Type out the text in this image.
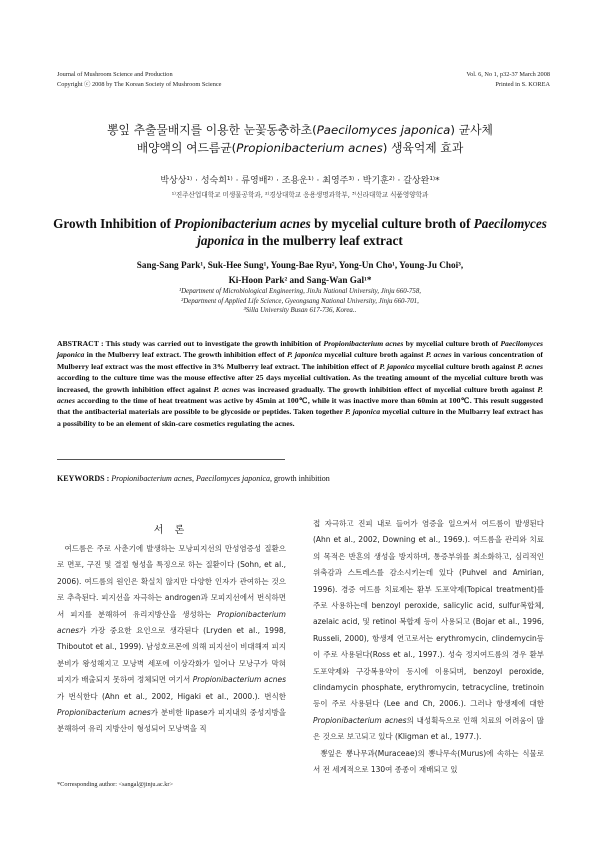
Journal of Mushroom Science and Production
Copyright ⓒ 2008 by The Korean Society of Mushroom Science
Vol. 6, No 1, p32-37 March 2008
Printed in S. KOREA
뽕잎 추출물배지를 이용한 눈꽃동충하초(Paecilomyces japonica) 균사체
배양액의 여드름균(Propionibacterium acnes) 생육억제 효과
박상상¹⁾ · 성숙희¹⁾ · 류영배²⁾ · 조용운¹⁾ · 최영주³⁾ · 박기훈²⁾ · 갈상완¹⁾*
¹⁾진주산업대학교 미생물공학과, ²⁾경상대학교 응용생명과학부, ³⁾신라대학교 식품영양학과
Growth Inhibition of Propionibacterium acnes by mycelial culture broth of Paecilomyces japonica in the mulberry leaf extract
Sang-Sang Park¹, Suk-Hee Sung¹, Young-Bae Ryu², Yong-Un Cho¹, Young-Ju Choi³,
Ki-Hoon Park² and Sang-Wan Gal¹*
¹Department of Microbiological Engineering, JinJu National University, Jinju 660-758,
²Department of Applied Life Science, Gyeongsang National University, Jinju 660-701,
³Silla University Busan 617-736, Korea..
ABSTRACT : This study was carried out to investigate the growth inhibition of Propionibacterium acnes by mycelial culture broth of Paecilomyces japonica in the Mulberry leaf extract. The growth inhibition effect of P. japonica mycelial culture broth against P. acnes in various concentration of Mulberry leaf extract was the most effective in 3% Mulberry leaf extract. The inhibition effect of P. japonica mycelial culture broth against P. acnes according to the culture time was the mouse effective after 25 days mycelial cultivation. As the treating amount of the mycelial culture broth was increased, the growth inhibition effect against P. acnes was increased gradually. The growth inhibition effect of mycelial culture broth against P. acnes according to the time of heat treatment was active by 45min at 100℃, while it was inactive more than 60min at 100℃. This result suggested that the antibacterial materials are possible to be glycoside or peptides. Taken together P. japonica mycelial culture in the Mulbarry leaf extract has a possibility to be an element of skin-care cosmetics regulating the acnes.
KEYWORDS : Propionibacterium acnes, Paecilomyces japonica, growth inhibition
서 론
 여드름은 주로 사춘기에 발생하는 모낭피지선의 만성염증성 질환으로 면포, 구진 및 결절 형성을 특징으로 하는 질환이다 (Sohn, et al., 2006). 여드름의 원인은 확실치 않지만 다양한 인자가 관여하는 것으로 추측된다. 피지선을 자극하는 androgen과 모피지선에서 번식하면서 피지를 분해하여 유리지방산을 생성하는 Propionibacterium acnes가 가장 중요한 요인으로 생각된다 (Lryden et al., 1998, Thiboutot et al., 1999). 남성호르몬에 의해 피지선이 비대해져 피지분비가 왕성해지고 모낭벽 세포에 이상각화가 일어나 모낭구가 막혀 피지가 배출되지 못하여 정체되면 여기서 Propionibacterium acnes가 번식한다 (Ahn et al., 2002, Higaki et al., 2000.). 번식한 Propionibacterium acnes가 분비한 lipase가 피지내의 중성지방을 분해하여 유리 지방산이 형성되어 모낭벽을 직
접 자극하고 진피 내로 들어가 염증을 일으켜서 여드름이 발생된다 (Ahn et al., 2002, Downing et al., 1969.). 여드름을 관리와 치료의 목적은 반흔의 생성을 방지하며, 통증부위를 최소화하고, 심리적인 위축감과 스트레스를 감소시키는데 있다 (Puhvel and Amirian, 1996). 경증 여드름 치료제는 환부 도포약제(Topical treatment)를 주로 사용하는데 benzoyl peroxide, salicylic acid, sulfur복합체, azelaic acid, 및 retinol 복합제 등이 사용되고 (Bojar et al., 1996, Russeli, 2000), 항생제 연고로서는 erythromycin, clindemycin등이 주로 사용된다(Ross et al., 1997.). 성숙 정지여드름의 경우 환부 도포약제와 구강복용약이 동시에 이용되며, benzoyl peroxide, clindamycin phosphate, erythromycin, tetracycline, tretinoin등이 주로 사용된다 (Lee and Ch, 2006.). 그러나 항생제에 대한 Propionibacterium acnes의 내성획득으로 인해 치료의 어려움이 많은 것으로 보고되고 있다 (Kligman et al., 1977.).
 뽕잎은 뽕나무과(Muraceae)의 뽕나무속(Murus)에 속하는 식물로서 전 세계적으로 130여 종종이 재배되고 있
*Corresponding author: <sangal@jinju.ac.kr>
